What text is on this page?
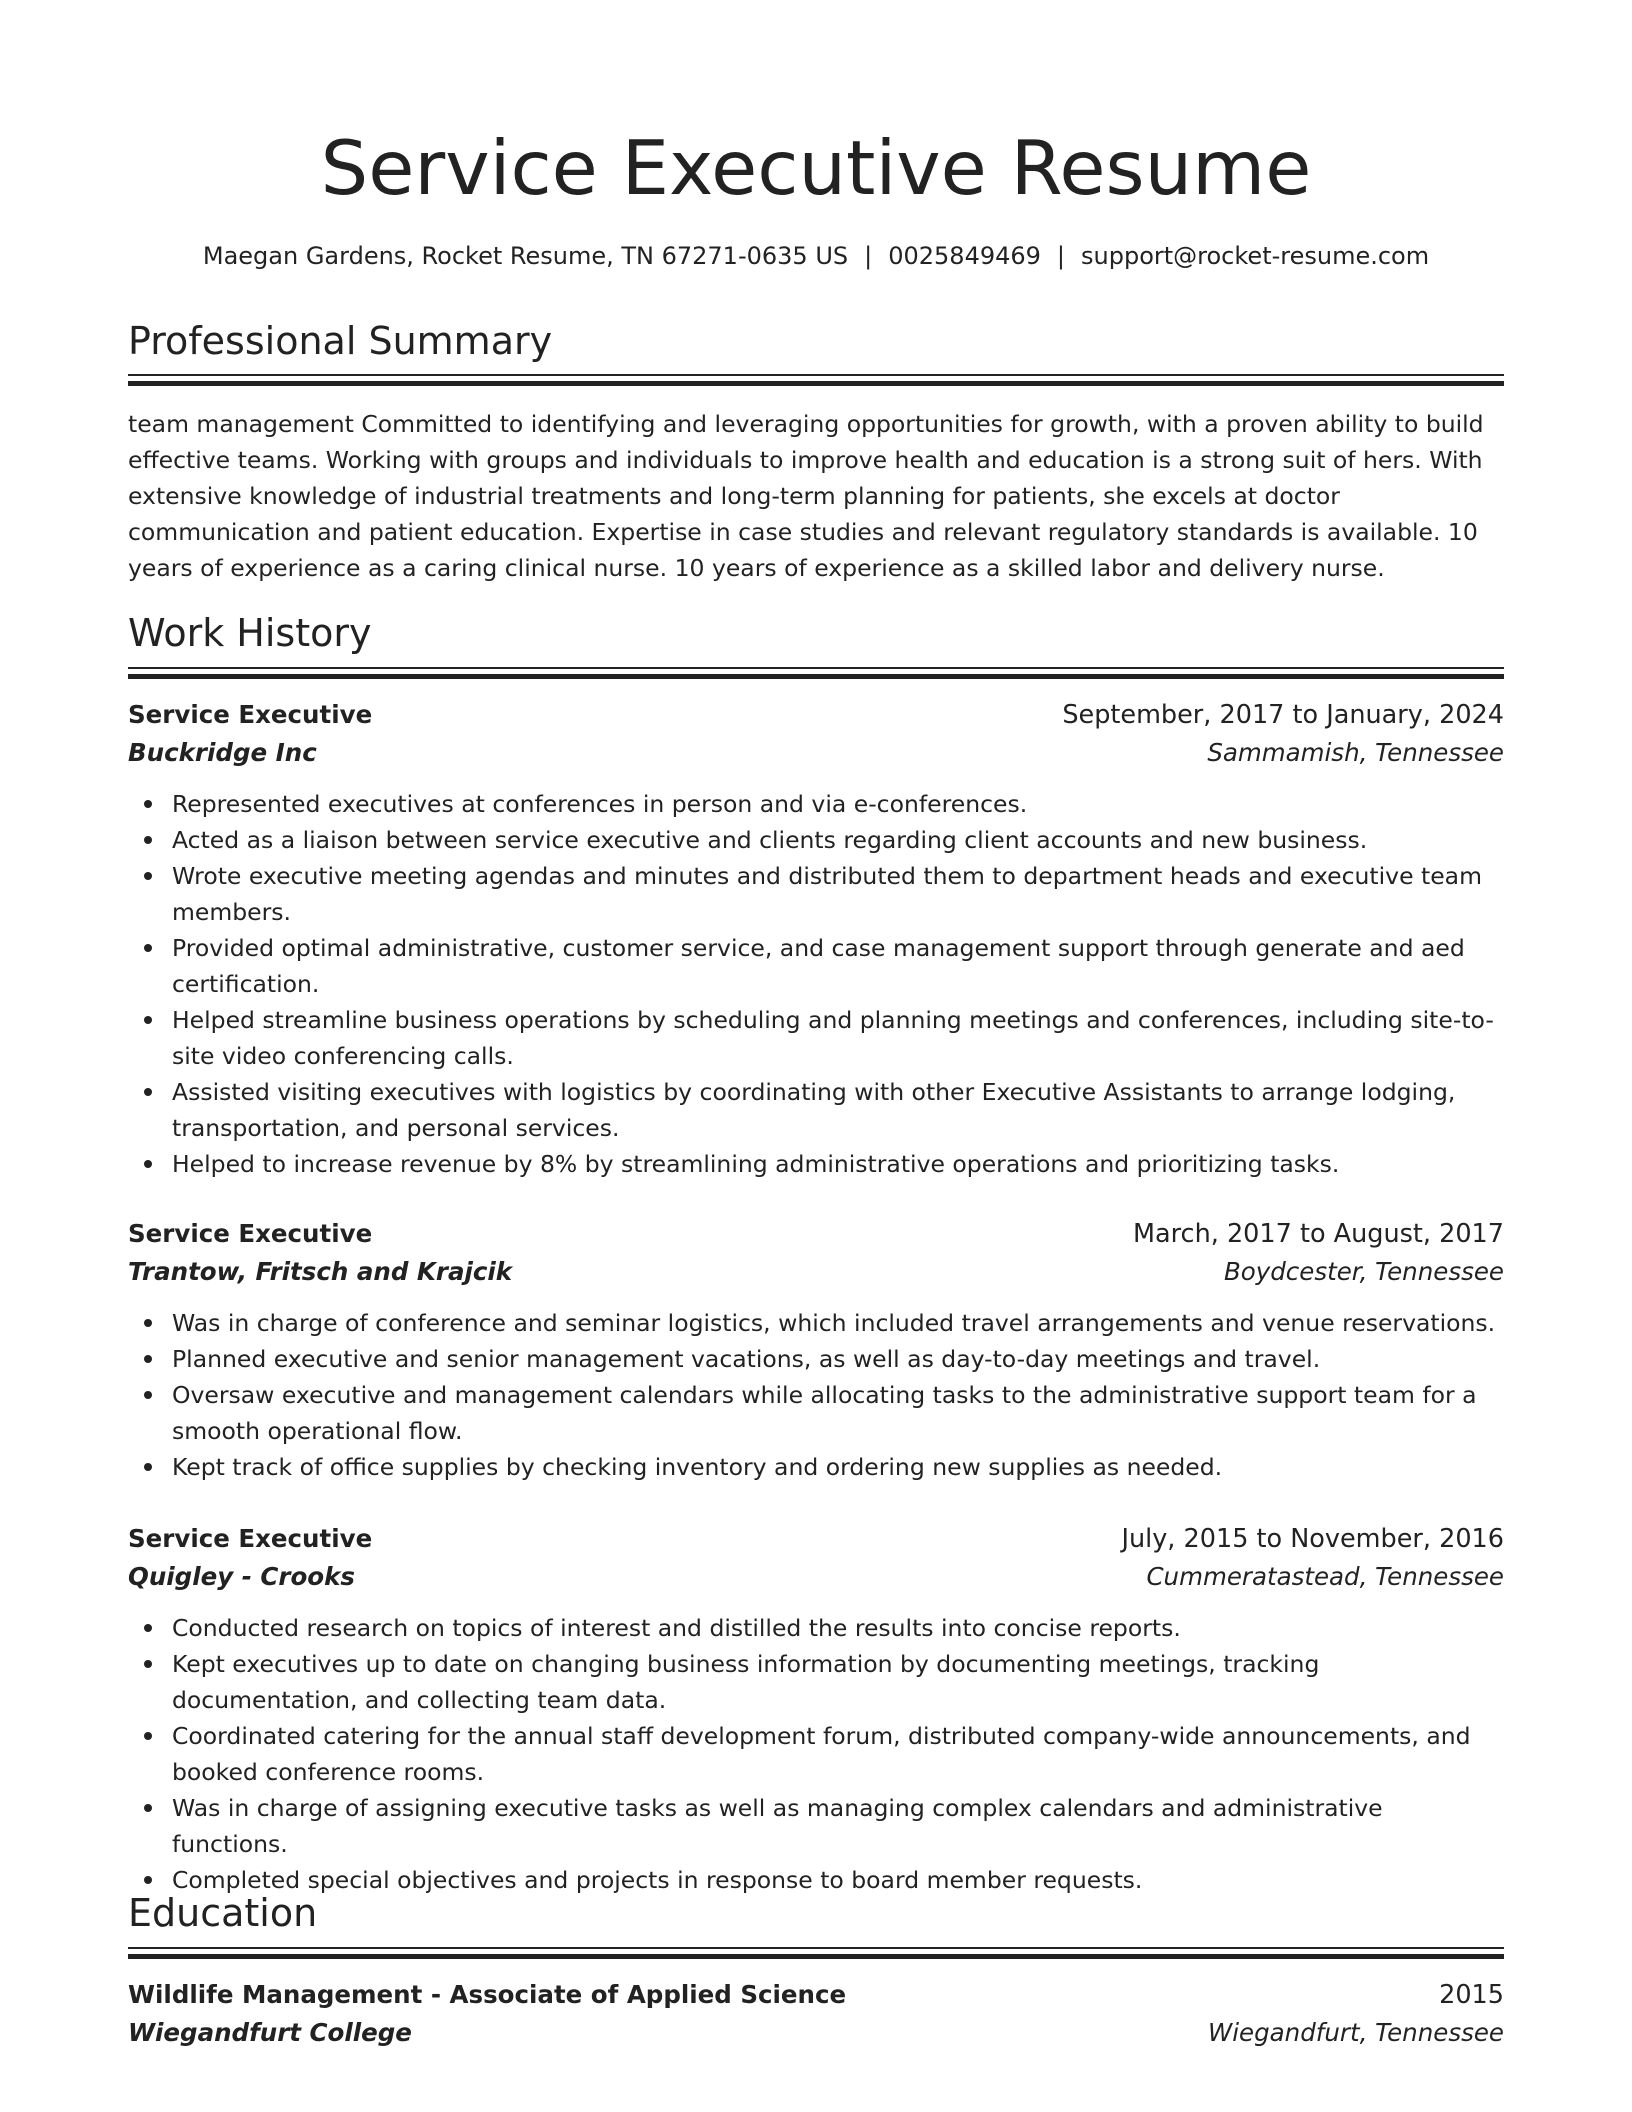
Service Executive Resume
Maegan Gardens, Rocket Resume, TN 67271-0635 US | 0025849469 | support@rocket-resume.com
Professional Summary

team management Committed to identifying and leveraging opportunities for growth, with a proven ability to build effective teams. Working with groups and individuals to improve health and education is a strong suit of hers. With extensive knowledge of industrial treatments and long-term planning for patients, she excels at doctor communication and patient education. Expertise in case studies and relevant regulatory standards is available. 10 years of experience as a caring clinical nurse. 10 years of experience as a skilled labor and delivery nurse.

Work History
Service Executive	September, 2017 to January, 2024
Buckridge Inc	Sammamish, Tennessee
Represented executives at conferences in person and via e-conferences.
Acted as a liaison between service executive and clients regarding client accounts and new business.
Wrote executive meeting agendas and minutes and distributed them to department heads and executive team members.
Provided optimal administrative, customer service, and case management support through generate and aed certification.
Helped streamline business operations by scheduling and planning meetings and conferences, including site-to-site video conferencing calls.
Assisted visiting executives with logistics by coordinating with other Executive Assistants to arrange lodging, transportation, and personal services.
Helped to increase revenue by 8% by streamlining administrative operations and prioritizing tasks.
Service Executive	March, 2017 to August, 2017
Trantow, Fritsch and Krajcik	Boydcester, Tennessee
Was in charge of conference and seminar logistics, which included travel arrangements and venue reservations.
Planned executive and senior management vacations, as well as day-to-day meetings and travel.
Oversaw executive and management calendars while allocating tasks to the administrative support team for a smooth operational flow.
Kept track of office supplies by checking inventory and ordering new supplies as needed.
Service Executive	July, 2015 to November, 2016
Quigley - Crooks	Cummeratastead, Tennessee
Conducted research on topics of interest and distilled the results into concise reports.
Kept executives up to date on changing business information by documenting meetings, tracking documentation, and collecting team data.
Coordinated catering for the annual staff development forum, distributed company-wide announcements, and booked conference rooms.
Was in charge of assigning executive tasks as well as managing complex calendars and administrative functions.
Completed special objectives and projects in response to board member requests.
Education
Wildlife Management - Associate of Applied Science	2015
Wiegandfurt College	Wiegandfurt, Tennessee
